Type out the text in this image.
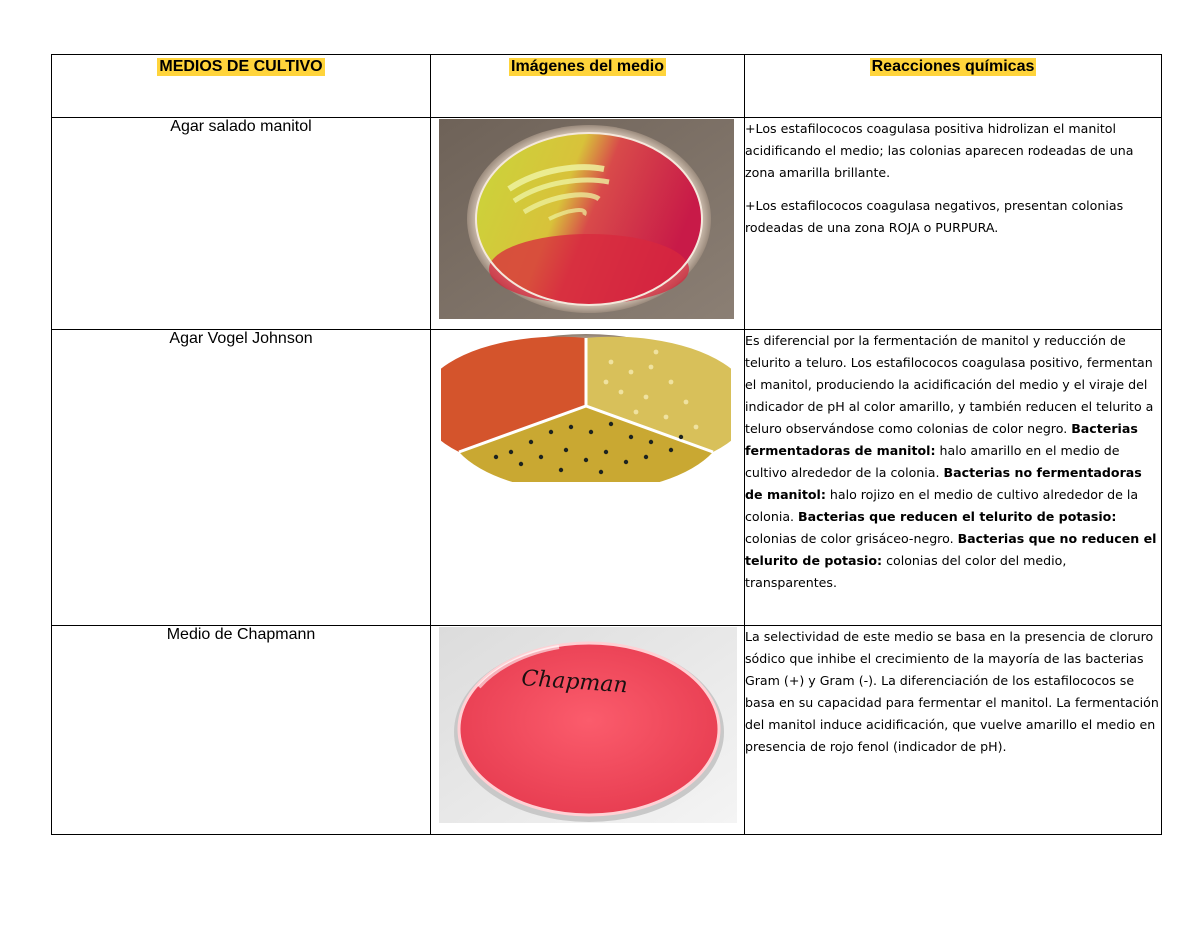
MEDIOS DE CULTIVO	Imágenes del medio	Reacciones químicas
Agar salado manitol		+Los estafilococos coagulasa positiva hidrolizan el manitol acidificando el medio; las colonias aparecen rodeadas de una zona amarilla brillante.

+Los estafilococos coagulasa negativos, presentan colonias rodeadas de una zona ROJA o PURPURA.

Agar Vogel Johnson		Es diferencial por la fermentación de manitol y reducción de telurito a teluro. Los estafilococos coagulasa positivo, fermentan el manitol, produciendo la acidificación del medio y el viraje del indicador de pH al color amarillo, y también reducen el telurito a teluro observándose como colonias de color negro. Bacterias fermentadoras de manitol: halo amarillo en el medio de cultivo alrededor de la colonia. Bacterias no fermentadoras de manitol: halo rojizo en el medio de cultivo alrededor de la colonia. Bacterias que reducen el telurito de potasio: colonias de color grisáceo-negro. Bacterias que no reducen el telurito de potasio: colonias del color del medio, transparentes.

Medio de Chapmann	Chapman	La selectividad de este medio se basa en la presencia de cloruro sódico que inhibe el crecimiento de la mayoría de las bacterias Gram (+) y Gram (-). La diferenciación de los estafilococos se basa en su capacidad para fermentar el manitol. La fermentación del manitol induce acidificación, que vuelve amarillo el medio en presencia de rojo fenol (indicador de pH).
